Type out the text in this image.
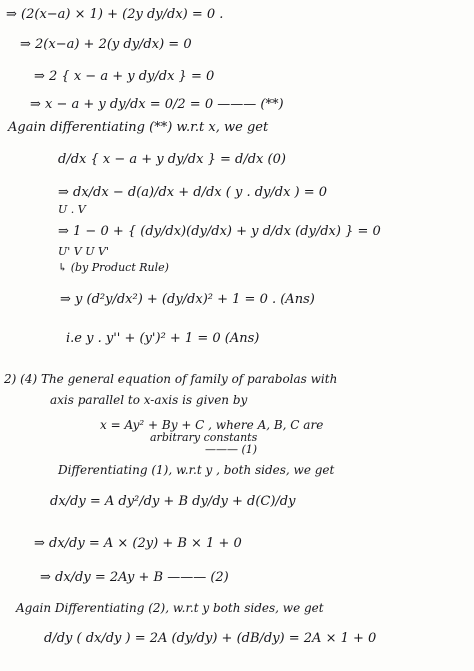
⇒ (2(x−a) × 1) + (2y dy/dx) = 0 .
⇒ 2(x−a) + 2(y dy/dx) = 0
⇒ 2 { x − a + y dy/dx } = 0
⇒ x − a + y dy/dx = 0/2 = 0 ——— (**)
Again differentiating (**) w.r.t x, we get
d/dx { x − a + y dy/dx } = d/dx (0)
⇒ dx/dx − d(a)/dx + d/dx ( y . dy/dx ) = 0
U . V
⇒ 1 − 0 + { (dy/dx)(dy/dx) + y d/dx (dy/dx) } = 0
U' V U V'
↳ (by Product Rule)
⇒ y (d²y/dx²) + (dy/dx)² + 1 = 0 . (Ans)
i.e y . y'' + (y')² + 1 = 0 (Ans)
2) (4) The general equation of family of parabolas with
axis parallel to x-axis is given by
x = Ay² + By + C , where A, B, C are
arbitrary constants
——— (1)
Differentiating (1), w.r.t y , both sides, we get
dx/dy = A dy²/dy + B dy/dy + d(C)/dy
⇒ dx/dy = A × (2y) + B × 1 + 0
⇒ dx/dy = 2Ay + B ——— (2)
Again Differentiating (2), w.r.t y both sides, we get
d/dy ( dx/dy ) = 2A (dy/dy) + (dB/dy) = 2A × 1 + 0
